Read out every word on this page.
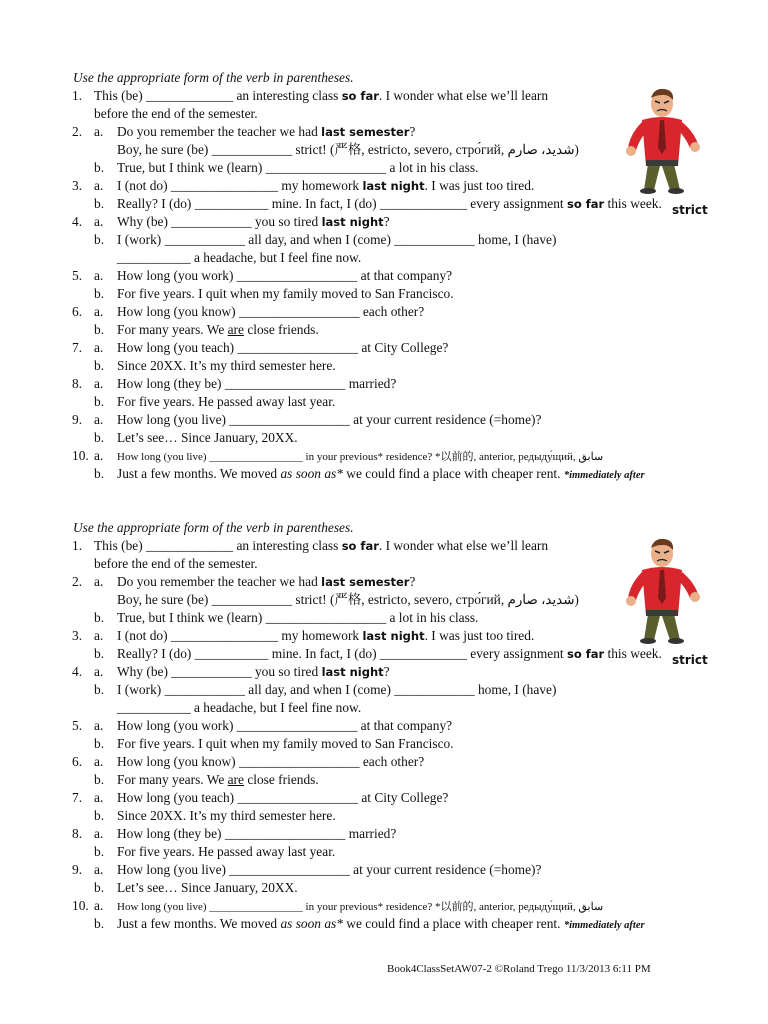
Use the appropriate form of the verb in parentheses.
1. This (be) _____________ an interesting class so far. I wonder what else we’ll learn
before the end of the semester.
2. a. Do you remember the teacher we had last semester?
Boy, he sure (be) ____________ strict! (严格, estricto, severo, стро́гий, شديد، صارم)
b. True, but I think we (learn) __________________ a lot in his class.
3. a. I (not do) ________________ my homework last night. I was just too tired.
b. Really? I (do) ___________ mine. In fact, I (do) _____________ every assignment so far this week.
4. a. Why (be) ____________ you so tired last night?
b. I (work) ____________ all day, and when I (come) ____________ home, I (have)
___________ a headache, but I feel fine now.
5. a. How long (you work) __________________ at that company?
b. For five years. I quit when my family moved to San Francisco.
6. a. How long (you know) __________________ each other?
b. For many years. We are close friends.
7. a. How long (you teach) __________________ at City College?
b. Since 20XX. It’s my third semester here.
8. a. How long (they be) __________________ married?
b. For five years. He passed away last year.
9. a. How long (you live) __________________ at your current residence (=home)?
b. Let’s see… Since January, 20XX.
10. a. How long (you live) _________________ in your previous* residence? *以前的, anterior, редыду́щий, سابق
b. Just a few months. We moved as soon as* we could find a place with cheaper rent. *immediately after
strict
Use the appropriate form of the verb in parentheses.
1. This (be) _____________ an interesting class so far. I wonder what else we’ll learn
before the end of the semester.
2. a. Do you remember the teacher we had last semester?
Boy, he sure (be) ____________ strict! (严格, estricto, severo, стро́гий, شديد، صارم)
b. True, but I think we (learn) __________________ a lot in his class.
3. a. I (not do) ________________ my homework last night. I was just too tired.
b. Really? I (do) ___________ mine. In fact, I (do) _____________ every assignment so far this week.
4. a. Why (be) ____________ you so tired last night?
b. I (work) ____________ all day, and when I (come) ____________ home, I (have)
___________ a headache, but I feel fine now.
5. a. How long (you work) __________________ at that company?
b. For five years. I quit when my family moved to San Francisco.
6. a. How long (you know) __________________ each other?
b. For many years. We are close friends.
7. a. How long (you teach) __________________ at City College?
b. Since 20XX. It’s my third semester here.
8. a. How long (they be) __________________ married?
b. For five years. He passed away last year.
9. a. How long (you live) __________________ at your current residence (=home)?
b. Let’s see… Since January, 20XX.
10. a. How long (you live) _________________ in your previous* residence? *以前的, anterior, редыду́щий, سابق
b. Just a few months. We moved as soon as* we could find a place with cheaper rent. *immediately after
strict
Book4ClassSetAW07-2 ©Roland Trego 11/3/2013 6:11 PM
